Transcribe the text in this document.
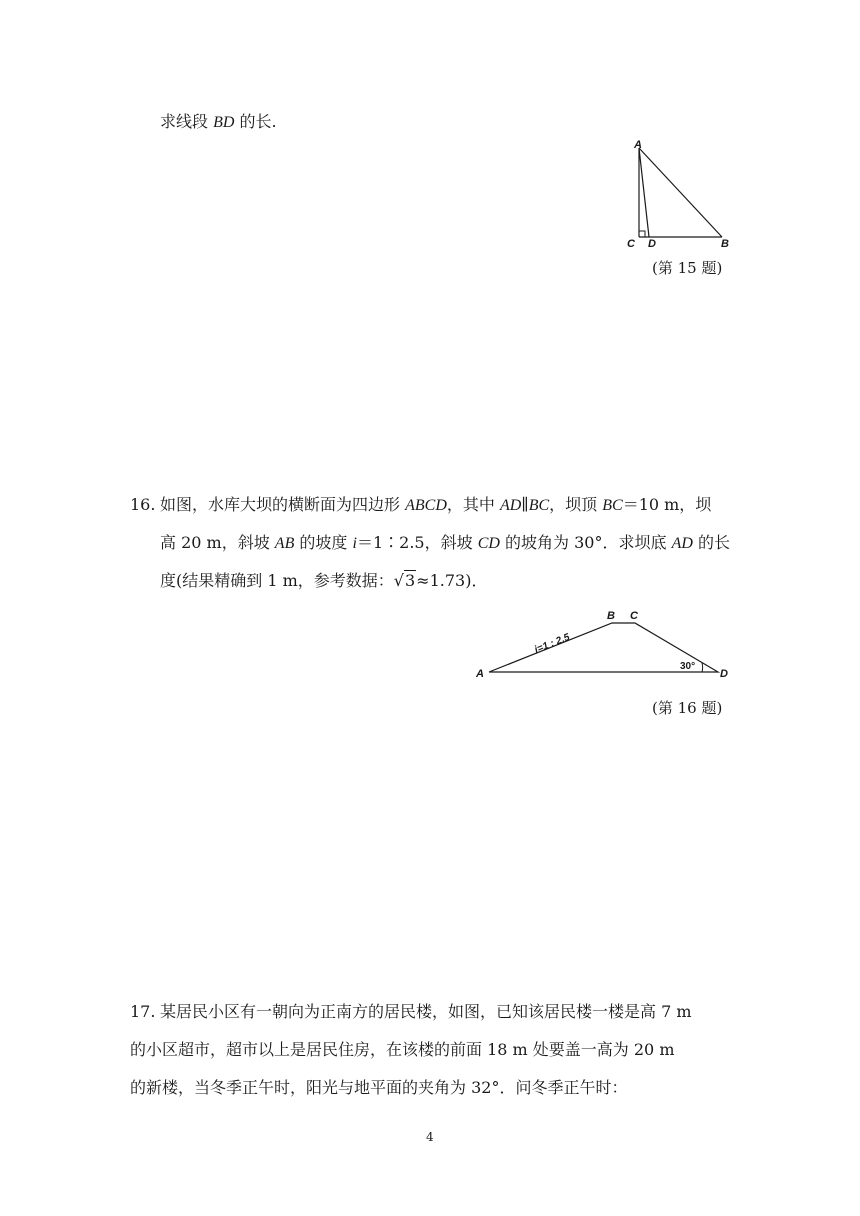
求线段 BD 的长.
A
C D	B
(第 15 题)
16. 如图，水库大坝的横断面为四边形 ABCD，其中 AD∥BC，坝顶 BC＝10 m，坝
高 20 m，斜坡 AB 的坡度 i＝1∶2.5，斜坡 CD 的坡角为 30°．求坝底 AD 的长
度(结果精确到 1 m，参考数据：√3≈1.73)．
A
B C
D
i=1 : 2.5
30°
(第 16 题)
17. 某居民小区有一朝向为正南方的居民楼，如图，已知该居民楼一楼是高 7 m
的小区超市，超市以上是居民住房，在该楼的前面 18 m 处要盖一高为 20 m
的新楼，当冬季正午时，阳光与地平面的夹角为 32°．问冬季正午时：
4
